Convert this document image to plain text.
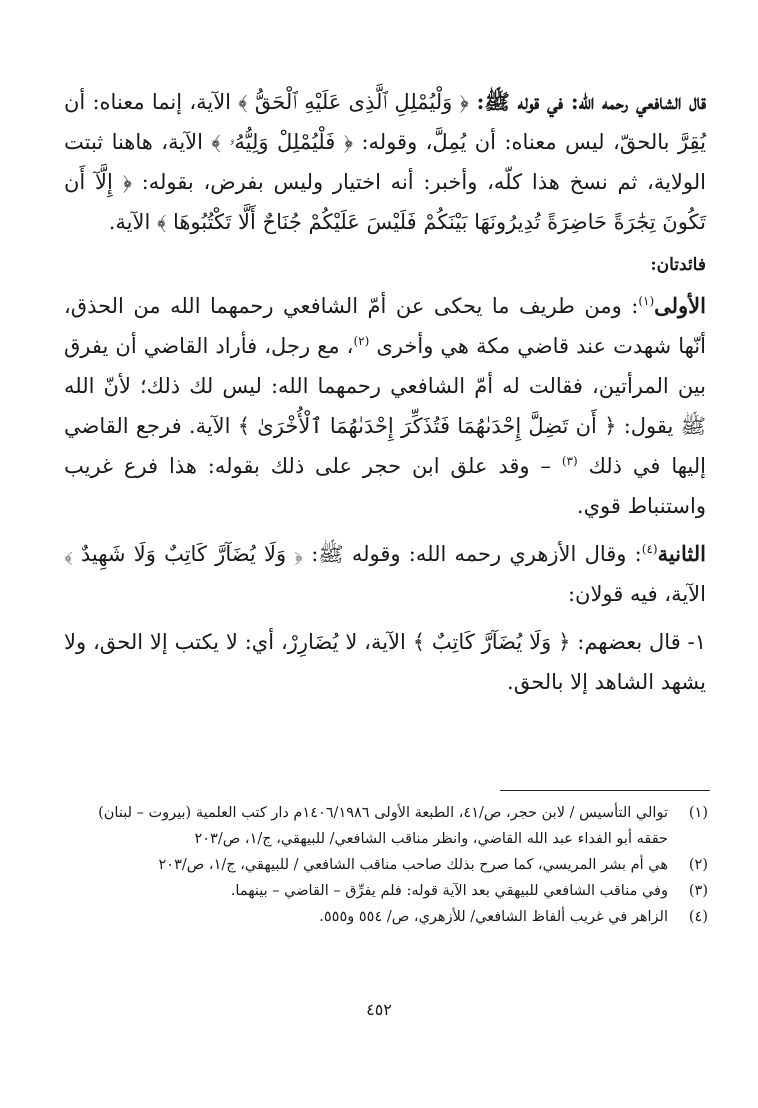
قال الشافعي رحمه الله: في قوله ﷺ: ﴿ وَلْيُمْلِلِ ٱلَّذِى عَلَيْهِ ٱلْحَقُّ ﴾ الآية، إنما معناه: أن يُقِرَّ بالحقّ، ليس معناه: أن يُمِلَّ، وقوله: ﴿ فَلْيُمْلِلْ وَلِيُّهُۥ ﴾ الآية، هاهنا ثبتت الولاية، ثم نسخ هذا كلّه، وأخبر: أنه اختيار وليس بفرض، بقوله: ﴿ إِلَّآ أَن تَكُونَ تِجَٰرَةً حَاضِرَةً تُدِيرُونَهَا بَيْنَكُمْ فَلَيْسَ عَلَيْكُمْ جُنَاحٌ أَلَّا تَكْتُبُوهَا ﴾ الآية.

فائدتان:

الأولى$^{(١)}$: ومن طريف ما يحكى عن أمّ الشافعي رحمهما الله من الحذق، أنّها شهدت عند قاضي مكة هي وأخرى $^{(٢)}$، مع رجل، فأراد القاضي أن يفرق بين المرأتين، فقالت له أمّ الشافعي رحمهما الله: ليس لك ذلك؛ لأنّ الله ﷺ يقول: ﴿ أَن تَضِلَّ إِحْدَىٰهُمَا فَتُذَكِّرَ إِحْدَىٰهُمَا ٱلْأُخْرَىٰ ﴾ الآية. فرجع القاضي إليها في ذلك $^{(٣)}$ – وقد علق ابن حجر على ذلك بقوله: هذا فرع غريب واستنباط قوي.

الثانية$^{(٤)}$: وقال الأزهري رحمه الله: وقوله ﷺ: ﴿ وَلَا يُضَآرَّ كَاتِبٌ وَلَا شَهِيدٌ ﴾ الآية، فيه قولان:

١- قال بعضهم: ﴿ وَلَا يُضَآرَّ كَاتِبٌ ﴾ الآية، لا يُضَارِرْ، أي: لا يكتب إلا الحق، ولا يشهد الشاهد إلا بالحق.

(١)
توالي التأسيس / لابن حجر، ص/٤١، الطبعة الأولى ١٤٠٦/١٩٨٦م دار كتب العلمية (بيروت – لبنان) حققه أبو الفداء عبد الله القاضي، وانظر مناقب الشافعي/ للبيهقي، ج/١، ص/٢٠٣
(٢)
هي أم بشر المريسي، كما صرح بذلك صاحب مناقب الشافعي / للبيهقي، ج/١، ص/٢٠٣
(٣)
وفي مناقب الشافعي للبيهقي بعد الآية قوله: فلم يفرِّق – القاضي – بينهما.
(٤)
الزاهر في غريب ألفاظ الشافعي/ للأزهري، ص/ ٥٥٤ و٥٥٥.
٤٥٢
